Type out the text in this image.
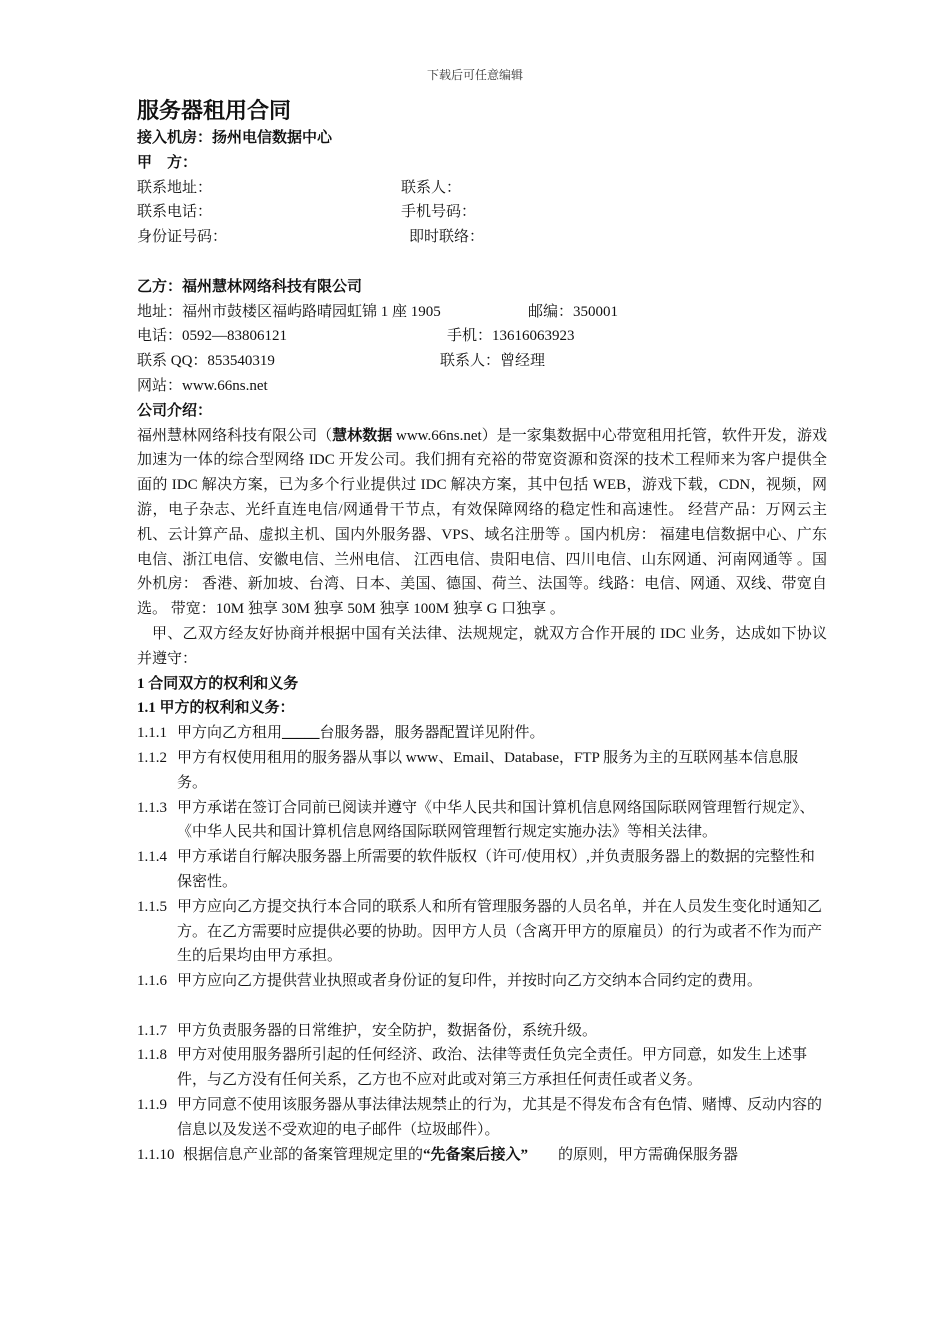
下载后可任意编辑
服务器租用合同
接入机房：扬州电信数据中心
甲　方：
联系地址：	联系人：
联系电话：	手机号码：
身份证号码：	即时联络：
乙方：福州慧林网络科技有限公司
地址：福州市鼓楼区福屿路晴园虹锦 1 座 1905	邮编：350001
电话：0592—83806121	手机：13616063923
联系 QQ：853540319	联系人：曾经理
网站：www.66ns.net
公司介绍：

福州慧林网络科技有限公司（慧林数据 www.66ns.net）是一家集数据中心带宽租用托管，软件开发，游戏加速为一体的综合型网络 IDC 开发公司。我们拥有充裕的带宽资源和资深的技术工程师来为客户提供全面的 IDC 解决方案，已为多个行业提供过 IDC 解决方案，其中包括 WEB，游戏下载，CDN，视频，网游，电子杂志、光纤直连电信/网通骨干节点，有效保障网络的稳定性和高速性。 经营产品：万网云主机、云计算产品、虚拟主机、国内外服务器、VPS、域名注册等 。国内机房： 福建电信数据中心、广东电信、浙江电信、安徽电信、兰州电信、 江西电信、贵阳电信、四川电信、山东网通、河南网通等 。国外机房： 香港、新加坡、台湾、日本、美国、德国、荷兰、法国等。线路：电信、网通、双线、带宽自选。 带宽：10M 独享 30M 独享 50M 独享 100M 独享 G 口独享 。

甲、乙双方经友好协商并根据中国有关法律、法规规定，就双方合作开展的 IDC 业务，达成如下协议并遵守：

1 合同双方的权利和义务
1.1 甲方的权利和义务：
1.1.1 甲方向乙方租用_____台服务器，服务器配置详见附件。
1.1.2 甲方有权使用租用的服务器从事以 www、Email、Database，FTP 服务为主的互联网基本信息服务。
1.1.3 甲方承诺在签订合同前已阅读并遵守《中华人民共和国计算机信息网络国际联网管理暂行规定》、《中华人民共和国计算机信息网络国际联网管理暂行规定实施办法》等相关法律。
1.1.4 甲方承诺自行解决服务器上所需要的软件版权（许可/使用权）,并负责服务器上的数据的完整性和保密性。
1.1.5 甲方应向乙方提交执行本合同的联系人和所有管理服务器的人员名单，并在人员发生变化时通知乙方。在乙方需要时应提供必要的协助。因甲方人员（含离开甲方的原雇员）的行为或者不作为而产生的后果均由甲方承担。
1.1.6 甲方应向乙方提供营业执照或者身份证的复印件，并按时向乙方交纳本合同约定的费用。
1.1.7 甲方负责服务器的日常维护，安全防护，数据备份，系统升级。
1.1.8 甲方对使用服务器所引起的任何经济、政治、法律等责任负完全责任。甲方同意，如发生上述事件，与乙方没有任何关系，乙方也不应对此或对第三方承担任何责任或者义务。
1.1.9 甲方同意不使用该服务器从事法律法规禁止的行为，尤其是不得发布含有色情、赌博、反动内容的信息以及发送不受欢迎的电子邮件（垃圾邮件）。
1.1.10 根据信息产业部的备案管理规定里的“先备案后接入”　　的原则，甲方需确保服务器
